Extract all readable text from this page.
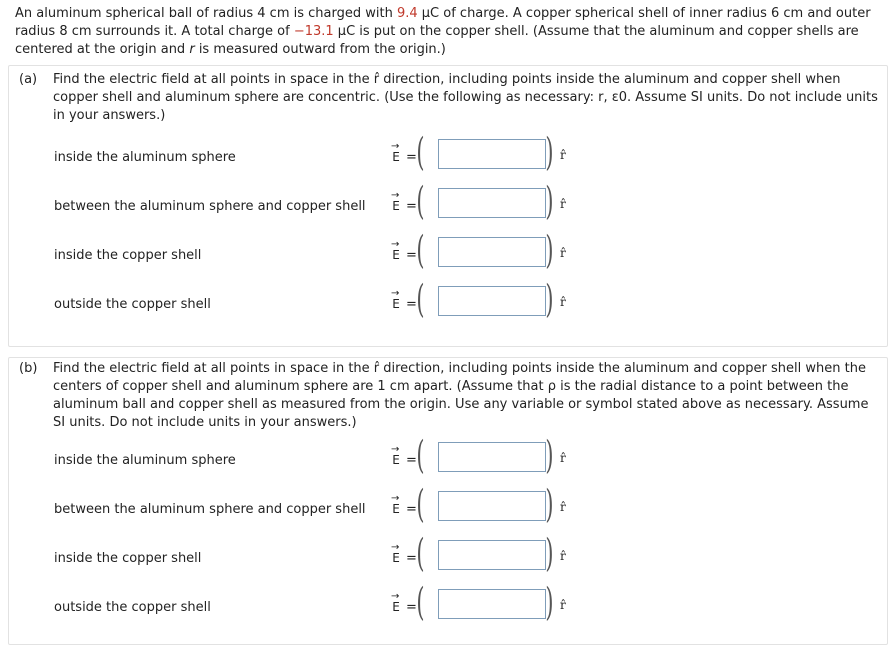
An aluminum spherical ball of radius 4 cm is charged with 9.4 μC of charge. A copper spherical shell of inner radius 6 cm and outer radius 8 cm surrounds it. A total charge of −13.1 μC is put on the copper shell. (Assume that the aluminum and copper shells are centered at the origin and r is measured outward from the origin.)
(a) Find the electric field at all points in space in the r̂ direction, including points inside the aluminum and copper shell when copper shell and aluminum sphere are concentric. (Use the following as necessary: r, ε0. Assume SI units. Do not include units in your answers.)
inside the aluminum sphere
→
E = (	) r̂
between the aluminum sphere and copper shell
→
E = (	) r̂
inside the copper shell
→
E = (	) r̂
outside the copper shell
→
E = (	) r̂
(b) Find the electric field at all points in space in the r̂ direction, including points inside the aluminum and copper shell when the centers of copper shell and aluminum sphere are 1 cm apart. (Assume that ρ is the radial distance to a point between the aluminum ball and copper shell as measured from the origin. Use any variable or symbol stated above as necessary. Assume SI units. Do not include units in your answers.)
inside the aluminum sphere
→
E = (	) r̂
between the aluminum sphere and copper shell
→
E = (	) r̂
inside the copper shell
→
E = (	) r̂
outside the copper shell
→
E = (	) r̂
